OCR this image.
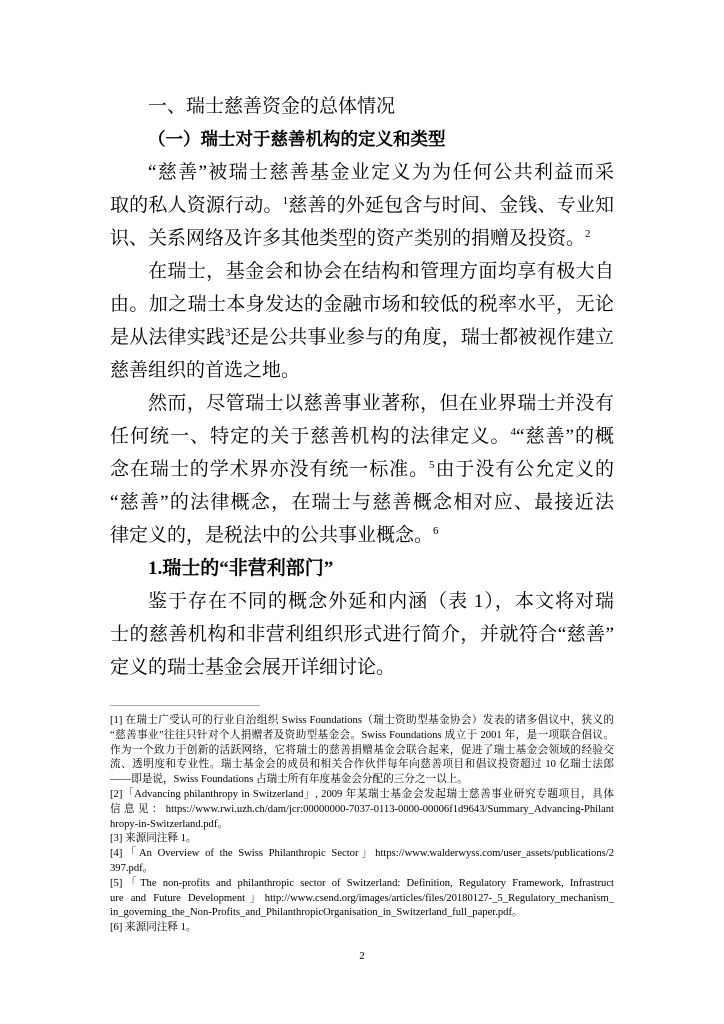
一、瑞士慈善资金的总体情况
（一）瑞士对于慈善机构的定义和类型
“慈善”被瑞士慈善基金业定义为为任何公共利益而采
取的私人资源行动。$^1$慈善的外延包含与时间、金钱、专业知
识、关系网络及许多其他类型的资产类别的捐赠及投资。$^2$
在瑞士，基金会和协会在结构和管理方面均享有极大自
由。加之瑞士本身发达的金融市场和较低的税率水平，无论
是从法律实践$^3$还是公共事业参与的角度，瑞士都被视作建立
慈善组织的首选之地。
然而，尽管瑞士以慈善事业著称，但在业界瑞士并没有
任何统一、特定的关于慈善机构的法律定义。$^4$“慈善”的概
念在瑞士的学术界亦没有统一标准。$^5$由于没有公允定义的
“慈善”的法律概念，在瑞士与慈善概念相对应、最接近法
律定义的，是税法中的公共事业概念。$^6$
1.瑞士的“非营利部门”
鉴于存在不同的概念外延和内涵（表 1），本文将对瑞
士的慈善机构和非营利组织形式进行简介，并就符合“慈善”
定义的瑞士基金会展开详细讨论。
[1] 在瑞士广受认可的行业自治组织 Swiss Foundations（瑞士资助型基金协会）发表的诸多倡议中，狭义的
“慈善事业”往往只针对个人捐赠者及资助型基金会。Swiss Foundations 成立于 2001 年，是一项联合倡议。
作为一个致力于创新的活跃网络，它将瑞士的慈善捐赠基金会联合起来，促进了瑞士基金会领域的经验交
流、透明度和专业性。瑞士基金会的成员和相关合作伙伴每年向慈善项目和倡议投资超过 10 亿瑞士法郎
——即是说，Swiss Foundations 占瑞士所有年度基金会分配的三分之一以上。
[2]「Advancing philanthropy in Switzerland」, 2009 年某瑞士基金会发起瑞士慈善事业研究专题项目，具体
信息见：https://www.rwi.uzh.ch/dam/jcr:00000000-7037-0113-0000-00006f1d9643/Summary_Advancing-Philant
hropy-in-Switzerland.pdf。
[3] 来源同注释 1。
[4]「An Overview of the Swiss Philanthropic Sector」https://www.walderwyss.com/user_assets/publications/2
397.pdf。
[5]「The non-profits and philanthropic sector of Switzerland: Definition, Regulatory Framework, Infrastruct
ure and Future Development」http://www.csend.org/images/articles/files/20180127-_5_Regulatory_mechanism_
in_governing_the_Non-Profits_and_PhilanthropicOrganisation_in_Switzerland_full_paper.pdf。
[6] 来源同注释 1。
2
